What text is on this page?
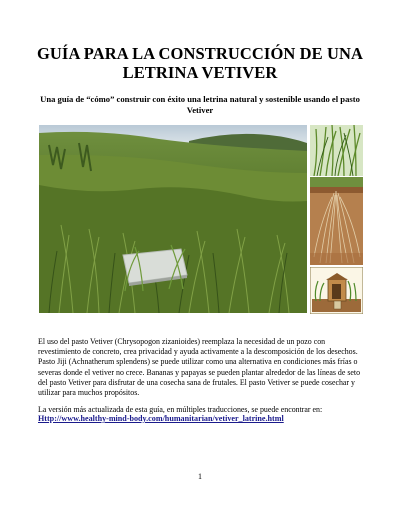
GUÍA PARA LA CONSTRUCCIÓN DE UNA LETRINA VETIVER
Una guía de “cómo” construir con éxito una letrina natural y sostenible usando el pasto Vetiver
El uso del pasto Vetiver (Chrysopogon zizanioides) reemplaza la necesidad de un pozo con revestimiento de concreto, crea privacidad y ayuda activamente a la descomposición de los desechos. Pasto Jiji (Achnatherum splendens) se puede utilizar como una alternativa en condiciones más frías o severas donde el vetiver no crece. Bananas y papayas se pueden plantar alrededor de las líneas de seto del pasto Vetiver para disfrutar de una cosecha sana de frutales. El pasto Vetiver se puede cosechar y utilizar para muchos propósitos.
La versión más actualizada de esta guía, en múltiples traducciones, se puede encontrar en:
Http://www.healthy-mind-body.com/humanitarian/vetiver_latrine.html
1
